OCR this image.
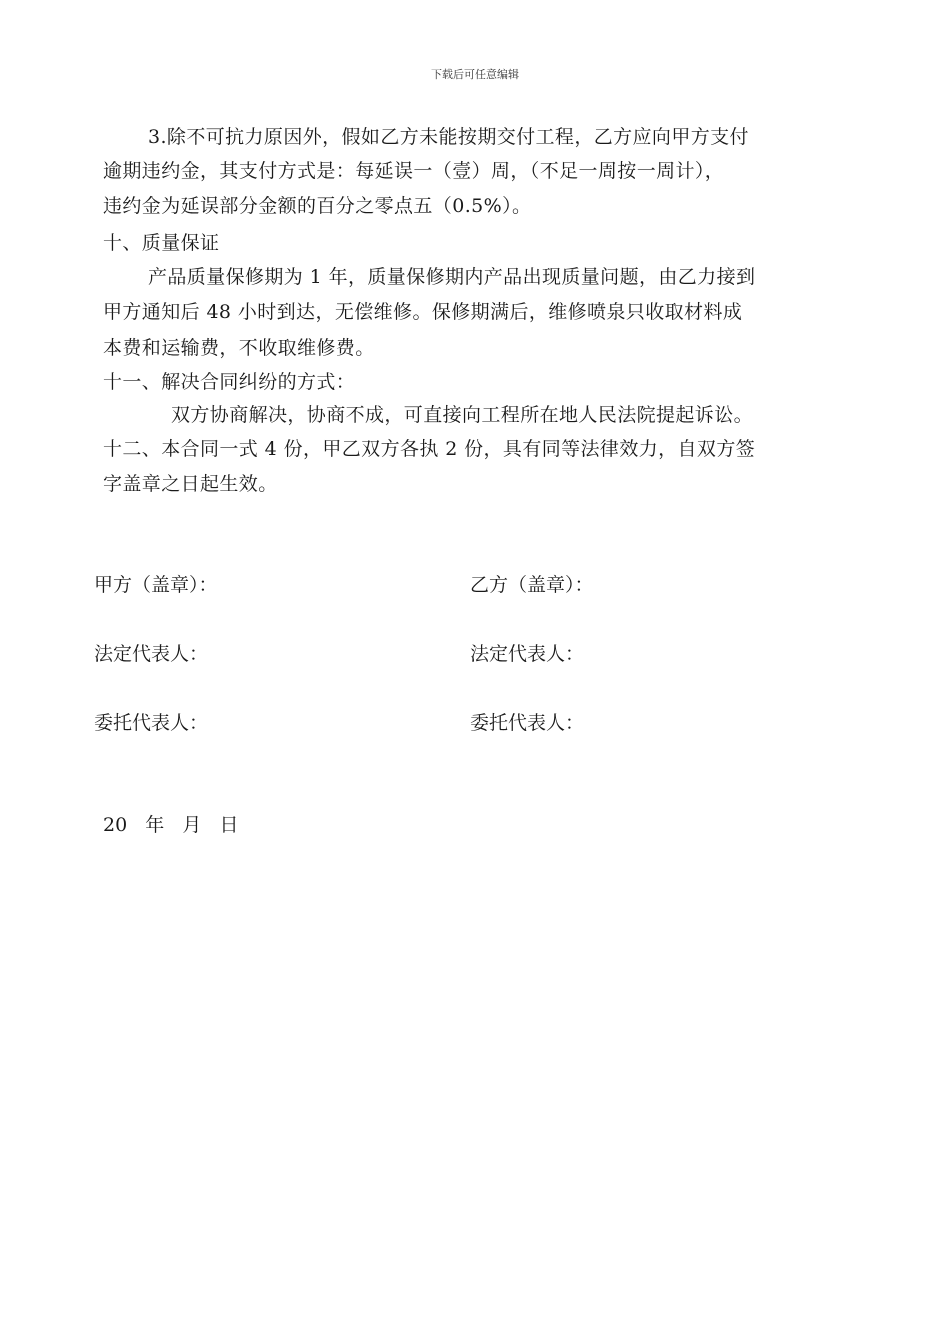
下载后可任意编辑
3.除不可抗力原因外，假如乙方未能按期交付工程，乙方应向甲方支付
逾期违约金，其支付方式是：每延误一（壹）周，（不足一周按一周计），
违约金为延误部分金额的百分之零点五（0.5%）。
十、质量保证
产品质量保修期为 1 年，质量保修期内产品出现质量问题，由乙力接到
甲方通知后 48 小时到达，无偿维修。保修期满后，维修喷泉只收取材料成
本费和运输费，不收取维修费。
十一、解决合同纠纷的方式：
双方协商解决，协商不成，可直接向工程所在地人民法院提起诉讼。
十二、本合同一式 4 份，甲乙双方各执 2 份，具有同等法律效力，自双方签
字盖章之日起生效。
甲方（盖章）：	乙方（盖章）：
法定代表人：	法定代表人：
委托代表人：	委托代表人：
20   年   月   日
